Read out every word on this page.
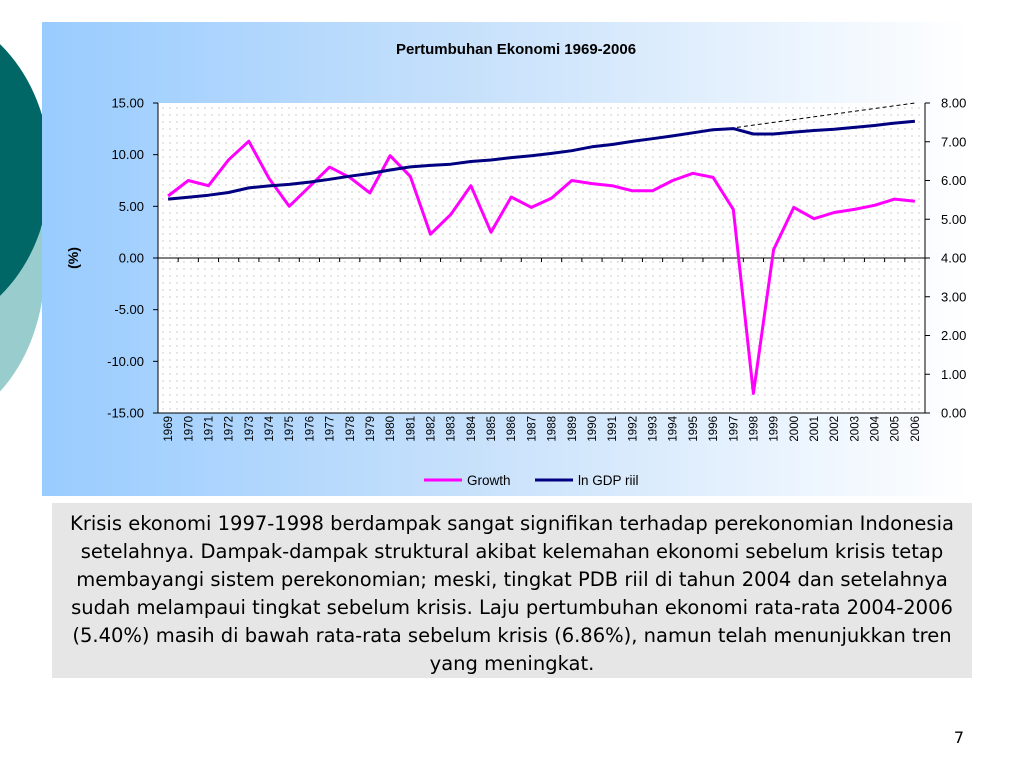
Pertumbuhan Ekonomi 1969-2006
15.00
10.00
5.00
0.00
-5.00
-10.00
-15.00
8.00
7.00
6.00
5.00
4.00
3.00
2.00
1.00
0.00
1969 1970 1971 1972 1973 1974 1975 1976 1977 1978 1979 1980 1981 1982 1983 1984 1985 1986 1987 1988 1989 1990 1991 1992 1993 1994 1995 1996 1997 1998 1999 2000 2001 2002 2003 2004 2005 2006
(%)
Growth	ln GDP riil

Krisis ekonomi 1997-1998 berdampak sangat signifikan terhadap perekonomian Indonesia setelahnya. Dampak-dampak struktural akibat kelemahan ekonomi sebelum krisis tetap membayangi sistem perekonomian; meski, tingkat PDB riil di tahun 2004 dan setelahnya sudah melampaui tingkat sebelum krisis. Laju pertumbuhan ekonomi rata-rata 2004-2006 (5.40%) masih di bawah rata-rata sebelum krisis (6.86%), namun telah menunjukkan tren yang meningkat.

7
